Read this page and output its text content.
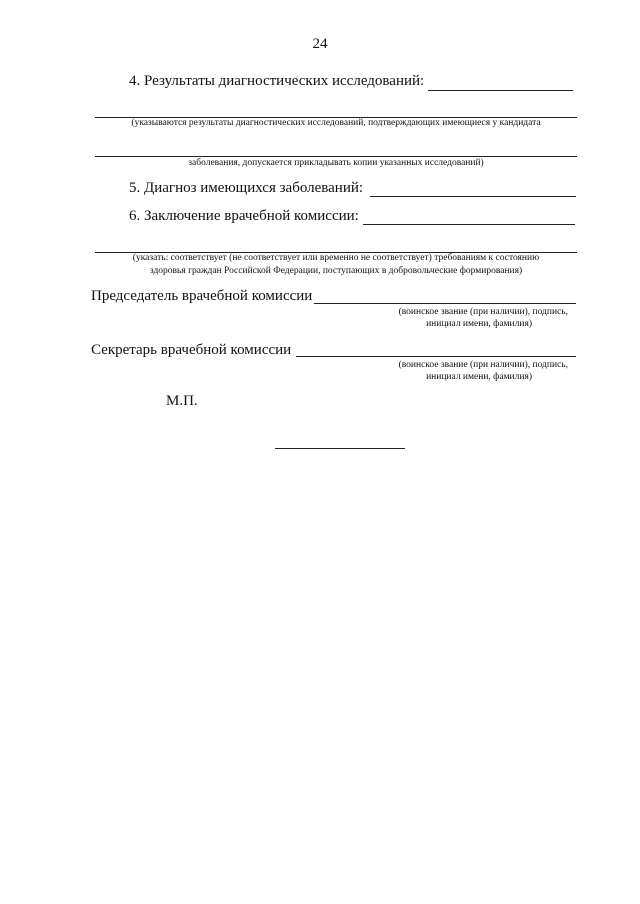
24
4. Результаты диагностических исследований:
(указываются результаты диагностических исследований, подтверждающих имеющиеся у кандидата
заболевания, допускается прикладывать копии указанных исследований)
5. Диагноз имеющихся заболеваний:
6. Заключение врачебной комиссии:
(указать: соответствует (не соответствует или временно не соответствует) требованиям к состоянию
здоровья граждан Российской Федерации, поступающих в добровольческие формирования)
Председатель врачебной комиссии
(воинское звание (при наличии), подпись,
инициал имени, фамилия)
Секретарь врачебной комиссии
(воинское звание (при наличии), подпись,
инициал имени, фамилия)
М.П.
